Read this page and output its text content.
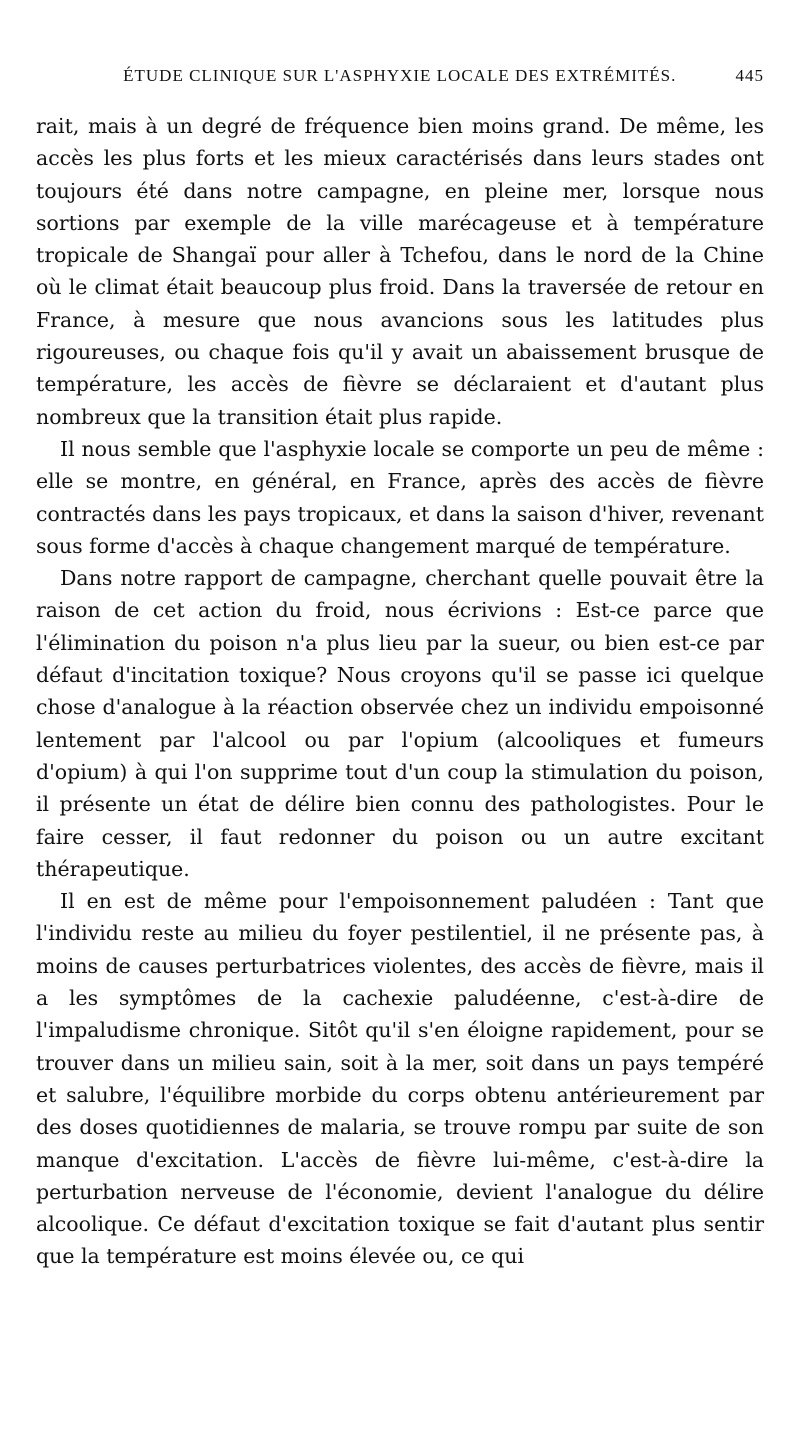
ÉTUDE CLINIQUE SUR L'ASPHYXIE LOCALE DES EXTRÉMITÉS.	445

rait, mais à un degré de fréquence bien moins grand. De même, les accès les plus forts et les mieux caractérisés dans leurs stades ont toujours été dans notre campagne, en pleine mer, lorsque nous sortions par exemple de la ville marécageuse et à température tropicale de Shangaï pour aller à Tchefou, dans le nord de la Chine où le climat était beaucoup plus froid. Dans la traversée de retour en France, à mesure que nous avancions sous les latitudes plus rigoureuses, ou chaque fois qu'il y avait un abaissement brusque de température, les accès de fièvre se déclaraient et d'autant plus nombreux que la transition était plus rapide.

Il nous semble que l'asphyxie locale se comporte un peu de même : elle se montre, en général, en France, après des accès de fièvre contractés dans les pays tropicaux, et dans la saison d'hiver, revenant sous forme d'accès à chaque changement marqué de température.

Dans notre rapport de campagne, cherchant quelle pouvait être la raison de cet action du froid, nous écrivions : Est-ce parce que l'élimination du poison n'a plus lieu par la sueur, ou bien est-ce par défaut d'incitation toxique? Nous croyons qu'il se passe ici quelque chose d'analogue à la réaction observée chez un individu empoisonné lentement par l'alcool ou par l'opium (alcooliques et fumeurs d'opium) à qui l'on supprime tout d'un coup la stimulation du poison, il présente un état de délire bien connu des pathologistes. Pour le faire cesser, il faut redonner du poison ou un autre excitant thérapeutique.

Il en est de même pour l'empoisonnement paludéen : Tant que l'individu reste au milieu du foyer pestilentiel, il ne présente pas, à moins de causes perturbatrices violentes, des accès de fièvre, mais il a les symptômes de la cachexie paludéenne, c'est-à-dire de l'impaludisme chronique. Sitôt qu'il s'en éloigne rapidement, pour se trouver dans un milieu sain, soit à la mer, soit dans un pays tempéré et salubre, l'équilibre morbide du corps obtenu antérieurement par des doses quotidiennes de malaria, se trouve rompu par suite de son manque d'excitation. L'accès de fièvre lui-même, c'est-à-dire la perturbation nerveuse de l'économie, devient l'analogue du délire alcoolique. Ce défaut d'excitation toxique se fait d'autant plus sentir que la température est moins élevée ou, ce qui
